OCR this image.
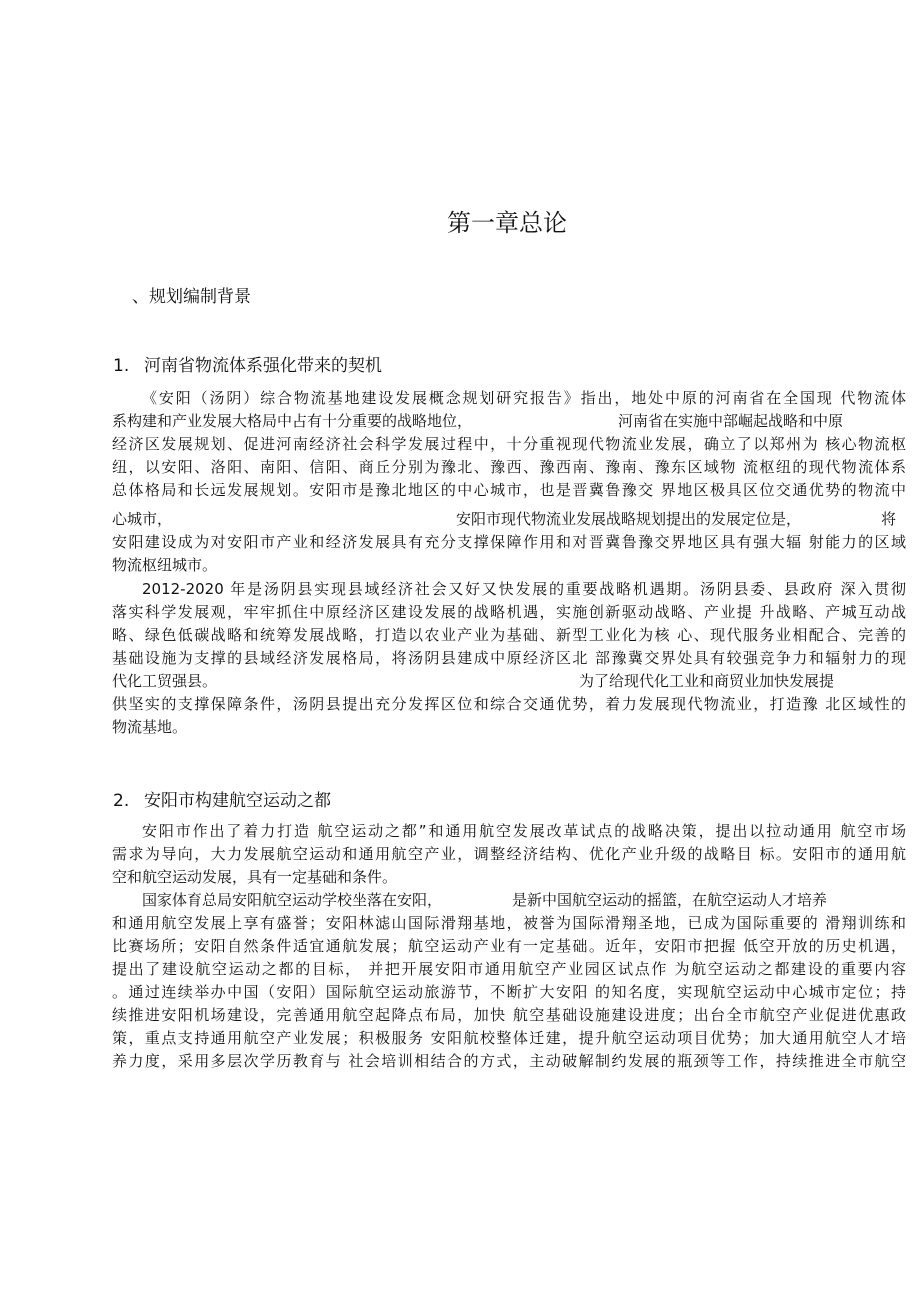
第一章总论
、规划编制背景
1. 河南省物流体系强化带来的契机
《安阳（汤阴）综合物流基地建设发展概念规划研究报告》指出，地处中原的河南省在全国现 代物流体
系构建和产业发展大格局中占有十分重要的战略地位，	河南省在实施中部崛起战略和中原
经济区发展规划、促进河南经济社会科学发展过程中，十分重视现代物流业发展，确立了以郑州为 核心物流枢
纽，以安阳、洛阳、南阳、信阳、商丘分别为豫北、豫西、豫西南、豫南、豫东区域物 流枢纽的现代物流体系
总体格局和长远发展规划。安阳市是豫北地区的中心城市，也是晋冀鲁豫交 界地区极具区位交通优势的物流中
心城市，	安阳市现代物流业发展战略规划提出的发展定位是，	将
安阳建设成为对安阳市产业和经济发展具有充分支撑保障作用和对晋冀鲁豫交界地区具有强大辐 射能力的区域
物流枢纽城市。
2012-2020 年是汤阴县实现县域经济社会又好又快发展的重要战略机遇期。汤阴县委、县政府 深入贯彻
落实科学发展观，牢牢抓住中原经济区建设发展的战略机遇，实施创新驱动战略、产业提 升战略、产城互动战
略、绿色低碳战略和统筹发展战略，打造以农业产业为基础、新型工业化为核 心、现代服务业相配合、完善的
基础设施为支撑的县域经济发展格局，将汤阴县建成中原经济区北 部豫冀交界处具有较强竞争力和辐射力的现
代化工贸强县。	为了给现代化工业和商贸业加快发展提
供坚实的支撑保障条件，汤阴县提出充分发挥区位和综合交通优势，着力发展现代物流业，打造豫 北区域性的
物流基地。
2. 安阳市构建航空运动之都
安阳市作出了着力打造 航空运动之都”和通用航空发展改革试点的战略决策，提出以拉动通用 航空市场
需求为导向，大力发展航空运动和通用航空产业，调整经济结构、优化产业升级的战略目 标。安阳市的通用航
空和航空运动发展，具有一定基础和条件。
国家体育总局安阳航空运动学校坐落在安阳，	是新中国航空运动的摇篮，在航空运动人才培养
和通用航空发展上享有盛誉；安阳林滤山国际滑翔基地，被誉为国际滑翔圣地，已成为国际重要的 滑翔训练和
比赛场所；安阳自然条件适宜通航发展；航空运动产业有一定基础。近年，安阳市把握 低空开放的历史机遇，
提出了建设航空运动之都的目标， 并把开展安阳市通用航空产业园区试点作 为航空运动之都建设的重要内容
。通过连续举办中国（安阳）国际航空运动旅游节，不断扩大安阳 的知名度，实现航空运动中心城市定位；持
续推进安阳机场建设，完善通用航空起降点布局，加快 航空基础设施建设进度；出台全市航空产业促进优惠政
策，重点支持通用航空产业发展；积极服务 安阳航校整体迁建，提升航空运动项目优势；加大通用航空人才培
养力度，采用多层次学历教育与 社会培训相结合的方式，主动破解制约发展的瓶颈等工作，持续推进全市航空
